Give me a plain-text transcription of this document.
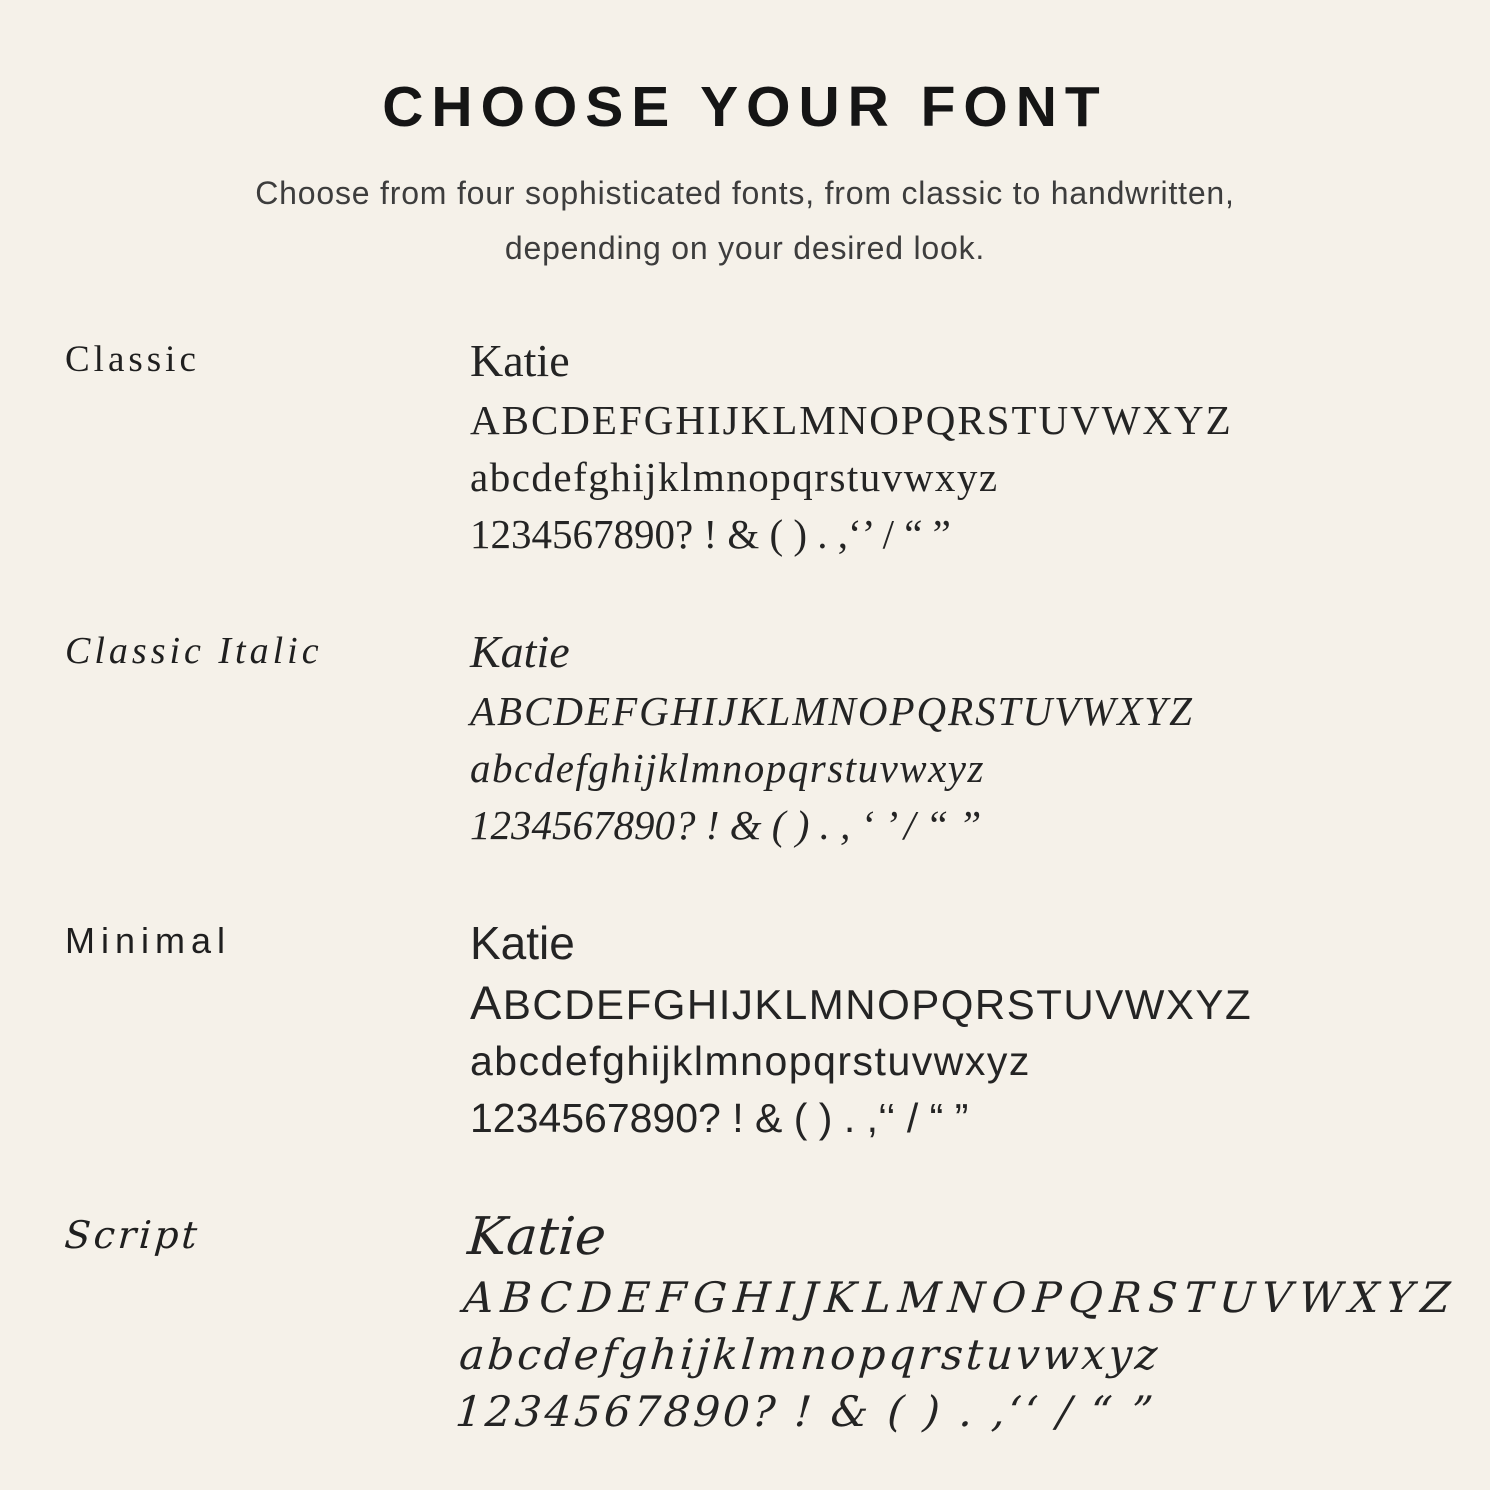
CHOOSE YOUR FONT
Choose from four sophisticated fonts, from classic to handwritten,
depending on your desired look.
Classic	Katie
ABCDEFGHIJKLMNOPQRSTUVWXYZ
abcdefghijklmnopqrstuvwxyz
1234567890? ! & ( ) . ,‘’ / “ ”
Classic Italic	Katie
ABCDEFGHIJKLMNOPQRSTUVWXYZ
abcdefghijklmnopqrstuvwxyz
1234567890? ! & ( ) . , ‘ ’ / “ ”
Minimal	Katie
ABCDEFGHIJKLMNOPQRSTUVWXYZ
abcdefghijklmnopqrstuvwxyz
1234567890? ! & ( ) . ,‘‘ / “ ”
Script	Katie
ABCDEFGHIJKLMNOPQRSTUVWXYZ
abcdefghijklmnopqrstuvwxyz
1234567890? ! & ( ) . ,‘‘ / “ ”
